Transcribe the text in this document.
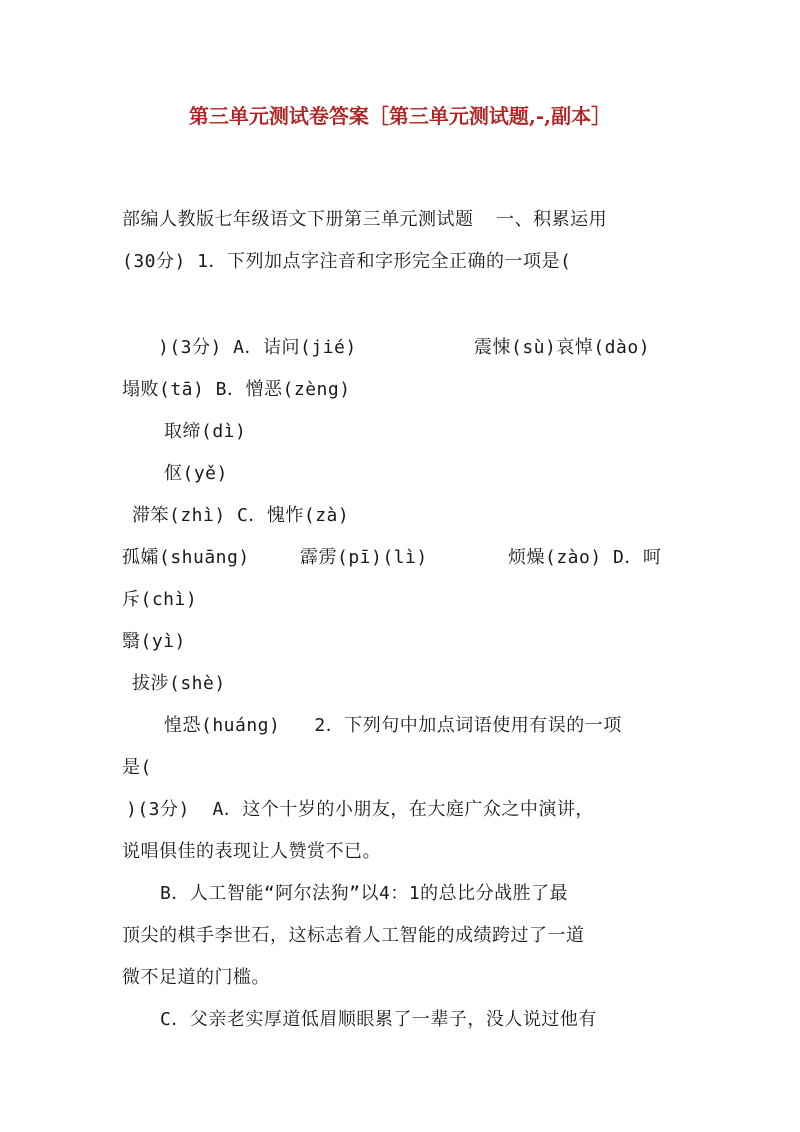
第三单元测试卷答案［第三单元测试题,-,副本］
部编人教版七年级语文下册第三单元测试题  一、积累运用
(30分) 1．下列加点字注音和字形完全正确的一项是(
)(3分) A．诘问(jié)	震悚(sù)哀悼(dào)
塌败(tā) B．憎恶(zèng)
取缔(dì)
伛(yě)
滞笨(zhì) C．愧怍(zà)
孤孀(shuāng)	霹雳(pī)(lì)	烦燥(zào) D．呵
斥(chì)
翳(yì)
拔涉(shè)
惶恐(huáng)   2．下列句中加点词语使用有误的一项
是(
)(3分)  A．这个十岁的小朋友，在大庭广众之中演讲，
说唱俱佳的表现让人赞赏不已。
B．人工智能“阿尔法狗”以4：1的总比分战胜了最
顶尖的棋手李世石，这标志着人工智能的成绩跨过了一道
微不足道的门槛。
C．父亲老实厚道低眉顺眼累了一辈子，没人说过他有
